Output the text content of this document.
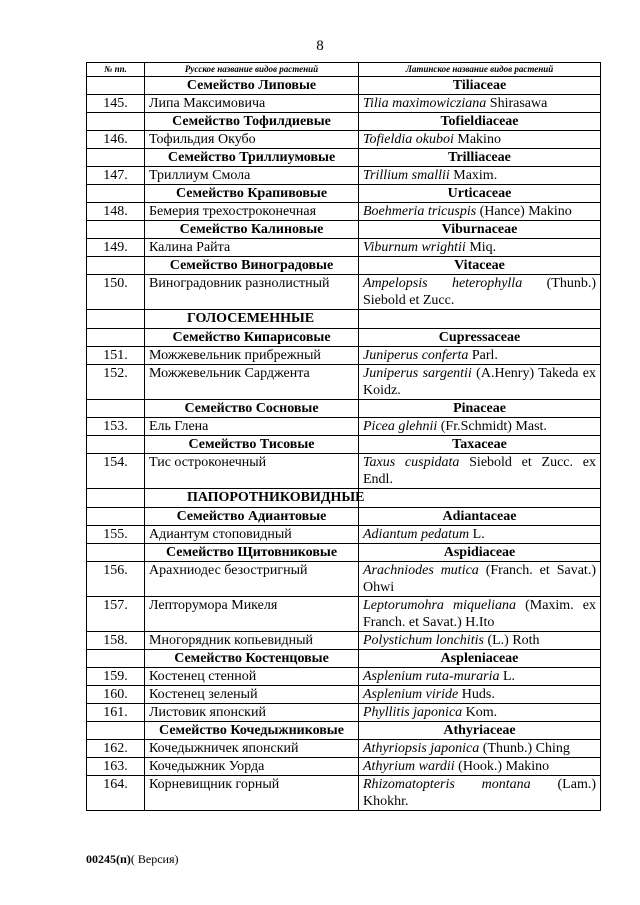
8
№ пп.	Русское название видов растений	Латинское название видов растений
	Семейство Липовые	Tiliaceae
145.	Липа Максимовича	Tilia maximowicziana Shirasawa
	Семейство Тофилдиевые	Tofieldiaceae
146.	Тофильдия Окубо	Tofieldia okuboi Makino
	Семейство Триллиумовые	Trilliaceae
147.	Триллиум Смола	Trillium smallii Maxim.
	Семейство Крапивовые	Urticaceae
148.	Бемерия трехостроконечная	Boehmeria tricuspis (Hance) Makino
	Семейство Калиновые	Viburnaceae
149.	Калина Райта	Viburnum wrightii Miq.
	Семейство Виноградовые	Vitaceae
150.	Виноградовник разнолистный	Ampelopsis heterophylla (Thunb.) Siebold et Zucc.
	ГОЛОСЕМЕННЫЕ	
	Семейство Кипарисовые	Cupressaceae
151.	Можжевельник прибрежный	Juniperus conferta Parl.
152.	Можжевельник Сарджента	Juniperus sargentii (A.Henry) Takeda ex Koidz.
	Семейство Сосновые	Pinaceae
153.	Ель Глена	Picea glehnii (Fr.Schmidt) Mast.
	Семейство Тисовые	Taxaceae
154.	Тис остроконечный	Taxus cuspidata Siebold et Zucc. ex Endl.
	ПАПОРОТНИКОВИДНЫЕ	
	Семейство Адиантовые	Adiantaceae
155.	Адиантум стоповидный	Adiantum pedatum L.
	Семейство Щитовниковые	Aspidiaceae
156.	Арахниодес безостригный	Arachniodes mutica (Franch. et Savat.) Ohwi
157.	Лепторумора Микеля	Leptorumohra miqueliana (Maxim. ex Franch. et Savat.) H.Ito
158.	Многорядник копьевидный	Polystichum lonchitis (L.) Roth
	Семейство Костенцовые	Aspleniaceae
159.	Костенец стенной	Asplenium ruta-muraria L.
160.	Костенец зеленый	Asplenium viride Huds.
161.	Листовик японский	Phyllitis japonica Kom.
	Семейство Кочедыжниковые	Athyriaceae
162.	Кочедыжничек японский	Athyriopsis japonica (Thunb.) Ching
163.	Кочедыжник Уорда	Athyrium wardii (Hook.) Makino
164.	Корневищник горный	Rhizomatopteris montana (Lam.) Khokhr.
00245(п)( Версия)
